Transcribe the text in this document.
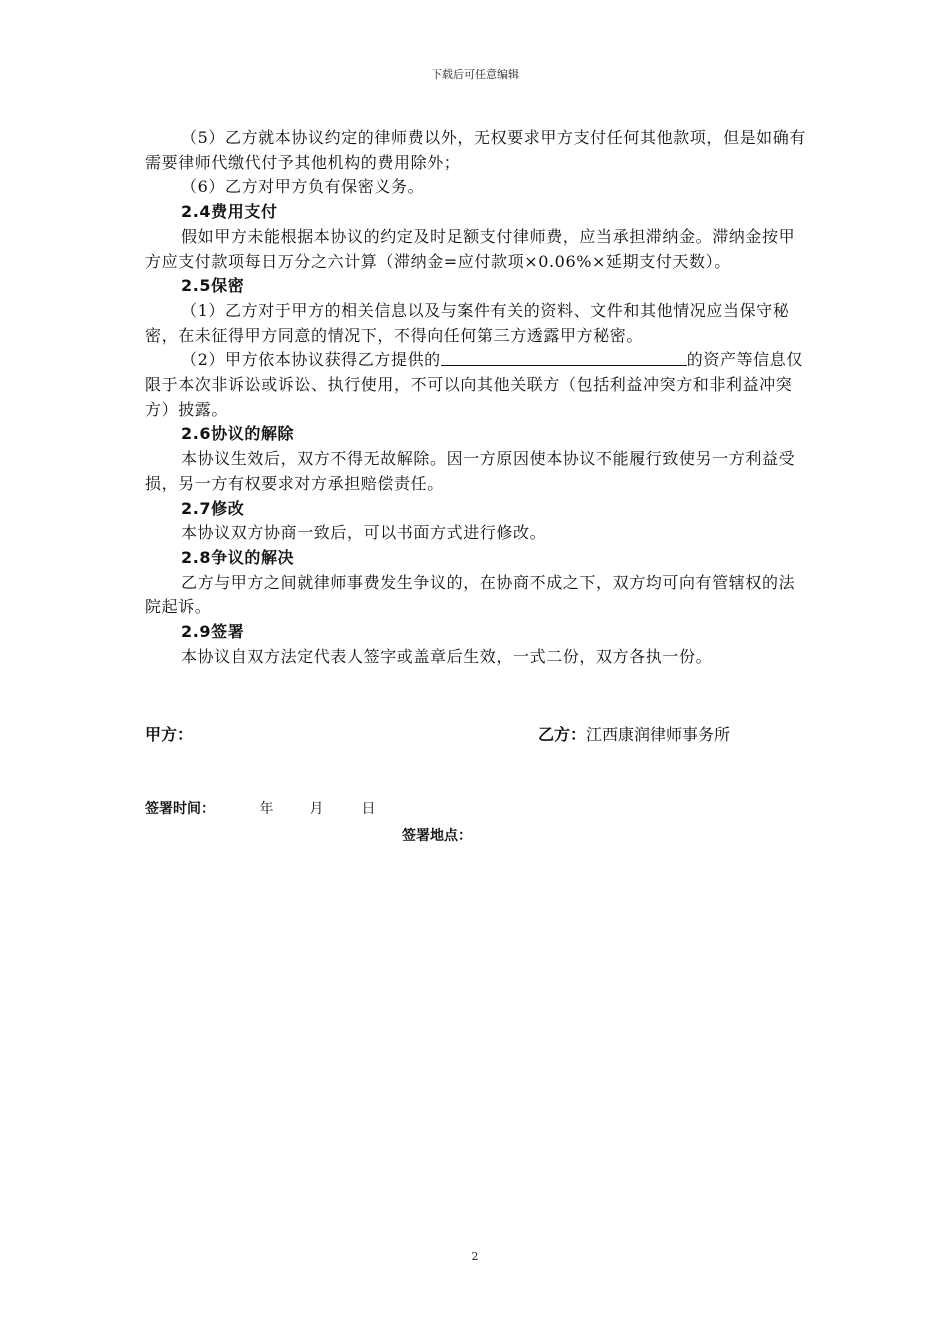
下载后可任意编辑

（5）乙方就本协议约定的律师费以外，无权要求甲方支付任何其他款项，但是如确有需要律师代缴代付予其他机构的费用除外；

（6）乙方对甲方负有保密义务。

2.4费用支付

假如甲方未能根据本协议的约定及时足额支付律师费，应当承担滞纳金。滞纳金按甲方应支付款项每日万分之六计算（滞纳金=应付款项×0.06%×延期支付天数）。

2.5保密

（1）乙方对于甲方的相关信息以及与案件有关的资料、文件和其他情况应当保守秘密，在未征得甲方同意的情况下，不得向任何第三方透露甲方秘密。

（2）甲方依本协议获得乙方提供的	的资产等信息仅限于本次非诉讼或诉讼、执行使用，不可以向其他关联方（包括利益冲突方和非利益冲突方）披露。

2.6协议的解除

本协议生效后，双方不得无故解除。因一方原因使本协议不能履行致使另一方利益受损，另一方有权要求对方承担赔偿责任。

2.7修改

本协议双方协商一致后，可以书面方式进行修改。

2.8争议的解决

乙方与甲方之间就律师事费发生争议的，在协商不成之下，双方均可向有管辖权的法院起诉。

2.9签署

本协议自双方法定代表人签字或盖章后生效，一式二份，双方各执一份。

甲方：	乙方：江西康润律师事务所
签署时间：	年	月	日
签署地点：
2
